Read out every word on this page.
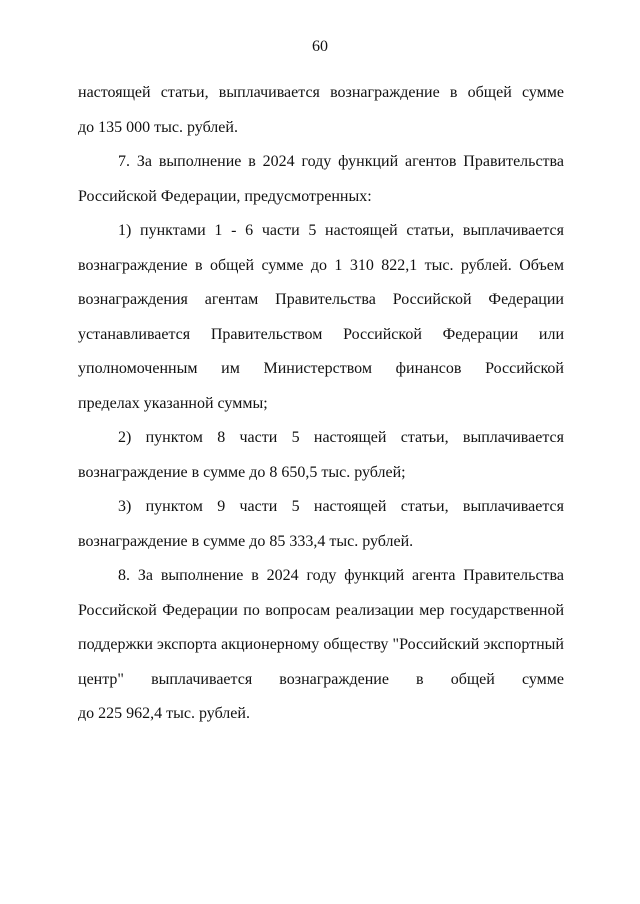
60
настоящей статьи, выплачивается вознаграждение в общей сумме
до 135 000 тыс. рублей.
7. За выполнение в 2024 году функций агентов Правительства
Российской Федерации, предусмотренных:
1) пунктами 1 - 6 части 5 настоящей статьи, выплачивается
вознаграждение в общей сумме до 1 310 822,1 тыс. рублей. Объем
вознаграждения агентам Правительства Российской Федерации
устанавливается Правительством Российской Федерации или
уполномоченным им Министерством финансов Российской
пределах указанной суммы;
2) пунктом 8 части 5 настоящей статьи, выплачивается
вознаграждение в сумме до 8 650,5 тыс. рублей;
3) пунктом 9 части 5 настоящей статьи, выплачивается
вознаграждение в сумме до 85 333,4 тыс. рублей.
8. За выполнение в 2024 году функций агента Правительства
Российской Федерации по вопросам реализации мер государственной
поддержки экспорта акционерному обществу "Российский экспортный
центр" выплачивается вознаграждение в общей сумме
до 225 962,4 тыс. рублей.
